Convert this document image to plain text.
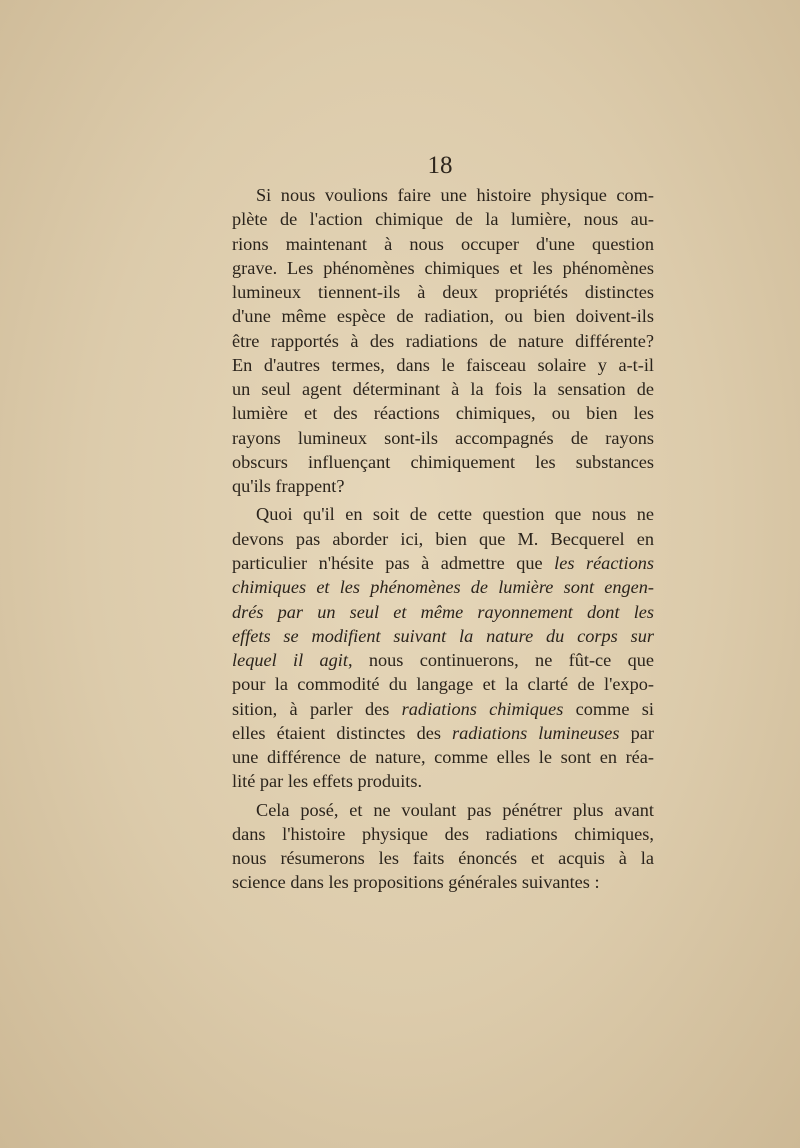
18
Si nous voulions faire une histoire physique com-
plète de l'action chimique de la lumière, nous au-
rions maintenant à nous occuper d'une question
grave. Les phénomènes chimiques et les phénomènes
lumineux tiennent-ils à deux propriétés distinctes
d'une même espèce de radiation, ou bien doivent-ils
être rapportés à des radiations de nature différente?
En d'autres termes, dans le faisceau solaire y a-t-il
un seul agent déterminant à la fois la sensation de
lumière et des réactions chimiques, ou bien les
rayons lumineux sont-ils accompagnés de rayons
obscurs influençant chimiquement les substances
qu'ils frappent?
Quoi qu'il en soit de cette question que nous ne
devons pas aborder ici, bien que M. Becquerel en
particulier n'hésite pas à admettre que les réactions
chimiques et les phénomènes de lumière sont engen-
drés par un seul et même rayonnement dont les
effets se modifient suivant la nature du corps sur
lequel il agit, nous continuerons, ne fût-ce que
pour la commodité du langage et la clarté de l'expo-
sition, à parler des radiations chimiques comme si
elles étaient distinctes des radiations lumineuses par
une différence de nature, comme elles le sont en réa-
lité par les effets produits.
Cela posé, et ne voulant pas pénétrer plus avant
dans l'histoire physique des radiations chimiques,
nous résumerons les faits énoncés et acquis à la
science dans les propositions générales suivantes :
